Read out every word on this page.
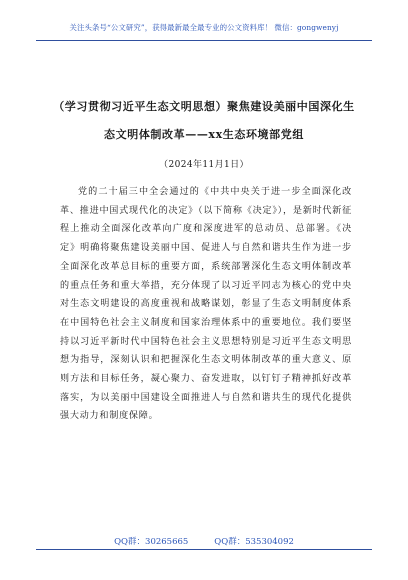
关注头条号“公文研究”，获得最新最全最专业的公文资料库！ 微信：gongwenyj
（学习贯彻习近平生态文明思想）聚焦建设美丽中国深化生
态文明体制改革——xx生态环境部党组
（2024年11月1日）

党的二十届三中全会通过的《中共中央关于进一步全面深化改革、推进中国式现代化的决定》（以下简称《决定》），是新时代新征程上推动全面深化改革向广度和深度进军的总动员、总部署。《决定》明确将聚焦建设美丽中国、促进人与自然和谐共生作为进一步全面深化改革总目标的重要方面，系统部署深化生态文明体制改革的重点任务和重大举措，充分体现了以习近平同志为核心的党中央对生态文明建设的高度重视和战略谋划，彰显了生态文明制度体系在中国特色社会主义制度和国家治理体系中的重要地位。我们要坚持以习近平新时代中国特色社会主义思想特别是习近平生态文明思想为指导，深刻认识和把握深化生态文明体制改革的重大意义、原则方法和目标任务，凝心聚力、奋发进取，以钉钉子精神抓好改革落实，为以美丽中国建设全面推进人与自然和谐共生的现代化提供强大动力和制度保障。

QQ群：30265665	QQ群：535304092
